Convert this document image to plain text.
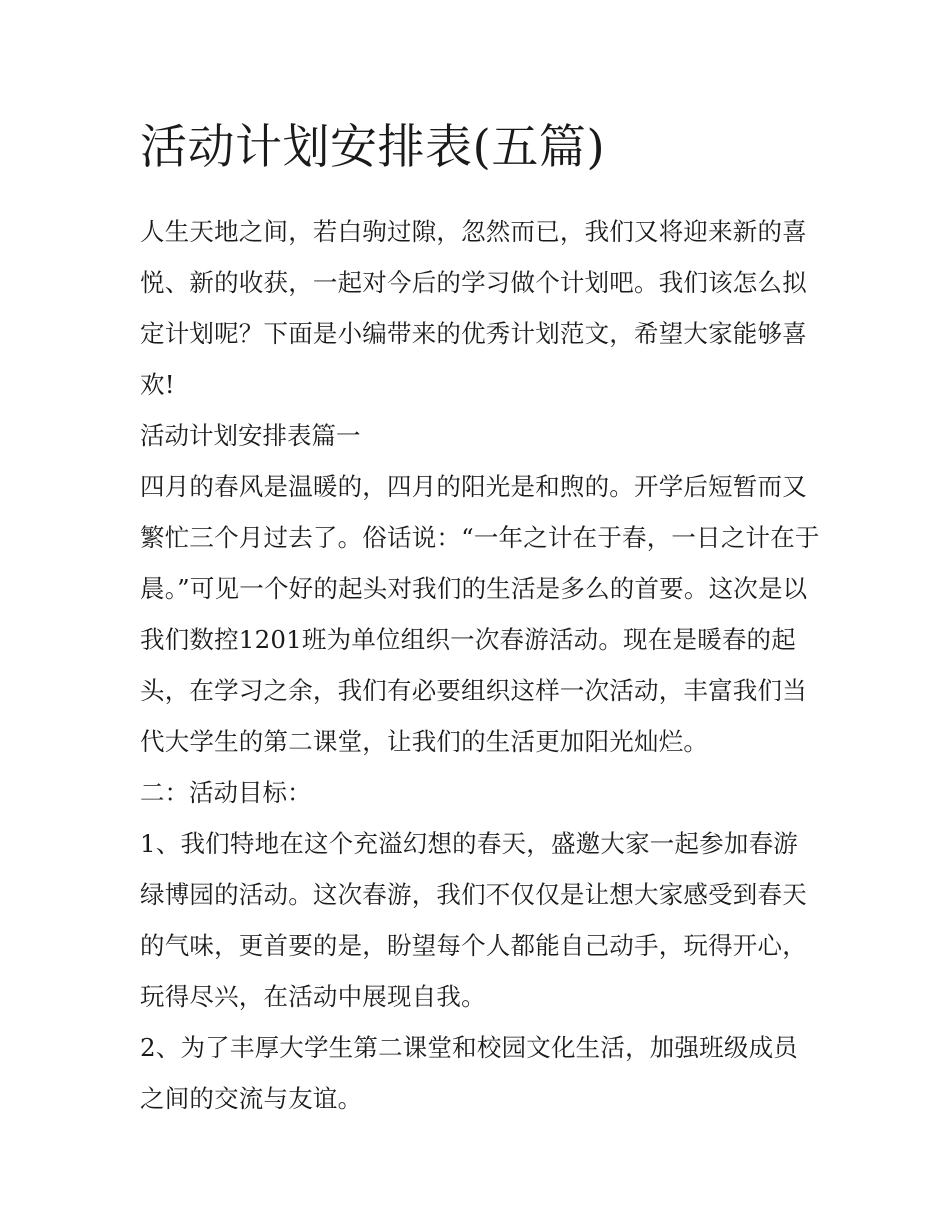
活动计划安排表(五篇)

人生天地之间，若白驹过隙，忽然而已，我们又将迎来新的喜悦、新的收获，一起对今后的学习做个计划吧。我们该怎么拟定计划呢？下面是小编带来的优秀计划范文，希望大家能够喜欢!

活动计划安排表篇一

四月的春风是温暖的，四月的阳光是和煦的。开学后短暂而又繁忙三个月过去了。俗话说：“一年之计在于春，一日之计在于晨。”可见一个好的起头对我们的生活是多么的首要。这次是以我们数控1201班为单位组织一次春游活动。现在是暖春的起头，在学习之余，我们有必要组织这样一次活动，丰富我们当代大学生的第二课堂，让我们的生活更加阳光灿烂。

二：活动目标：

1、我们特地在这个充溢幻想的春天，盛邀大家一起参加春游绿博园的活动。这次春游，我们不仅仅是让想大家感受到春天的气味，更首要的是，盼望每个人都能自己动手，玩得开心，玩得尽兴，在活动中展现自我。

2、为了丰厚大学生第二课堂和校园文化生活，加强班级成员之间的交流与友谊。
